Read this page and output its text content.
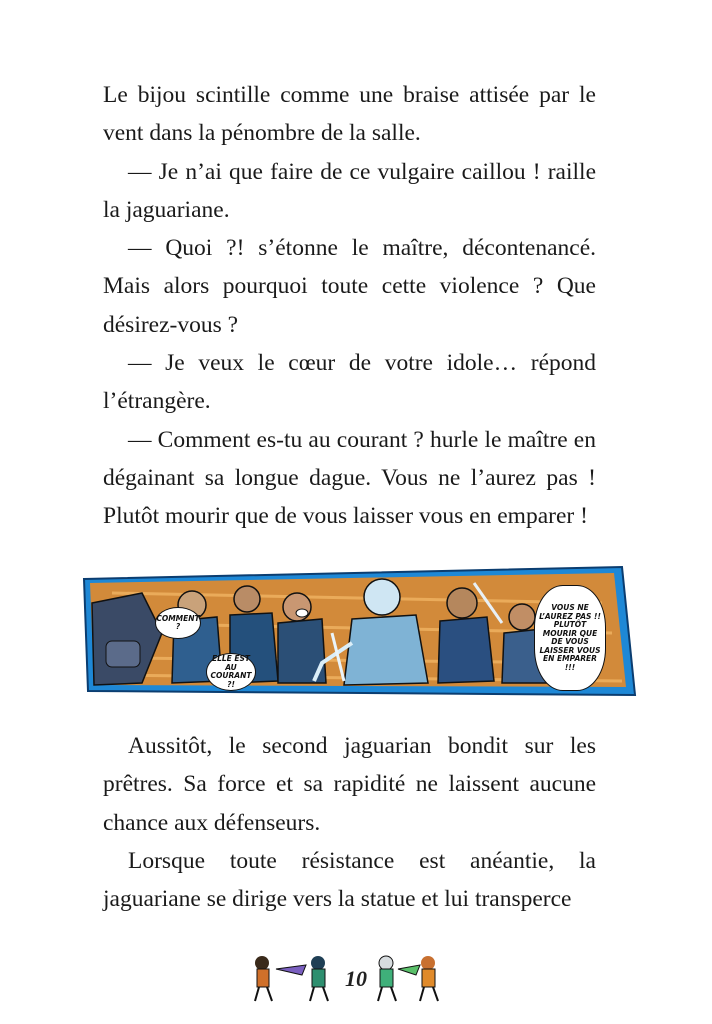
Le bijou scintille comme une braise attisée par le vent dans la pénombre de la salle.

— Je n’ai que faire de ce vulgaire caillou ! raille la jaguariane.

— Quoi ?! s’étonne le maître, décontenancé. Mais alors pourquoi toute cette violence ? Que désirez-vous ?

— Je veux le cœur de votre idole… répond l’étrangère.

— Comment es-tu au courant ? hurle le maître en dégainant sa longue dague. Vous ne l’aurez pas ! Plutôt mourir que de vous laisser vous en emparer !

COMMENT ?
ELLE EST AU COURANT ?!
VOUS NE L’AUREZ PAS !! PLUTÔT MOURIR QUE DE VOUS LAISSER VOUS EN EMPARER !!!

Aussitôt, le second jaguarian bondit sur les prêtres. Sa force et sa rapidité ne laissent aucune chance aux défenseurs.

Lorsque toute résistance est anéantie, la jaguariane se dirige vers la statue et lui transperce

10
